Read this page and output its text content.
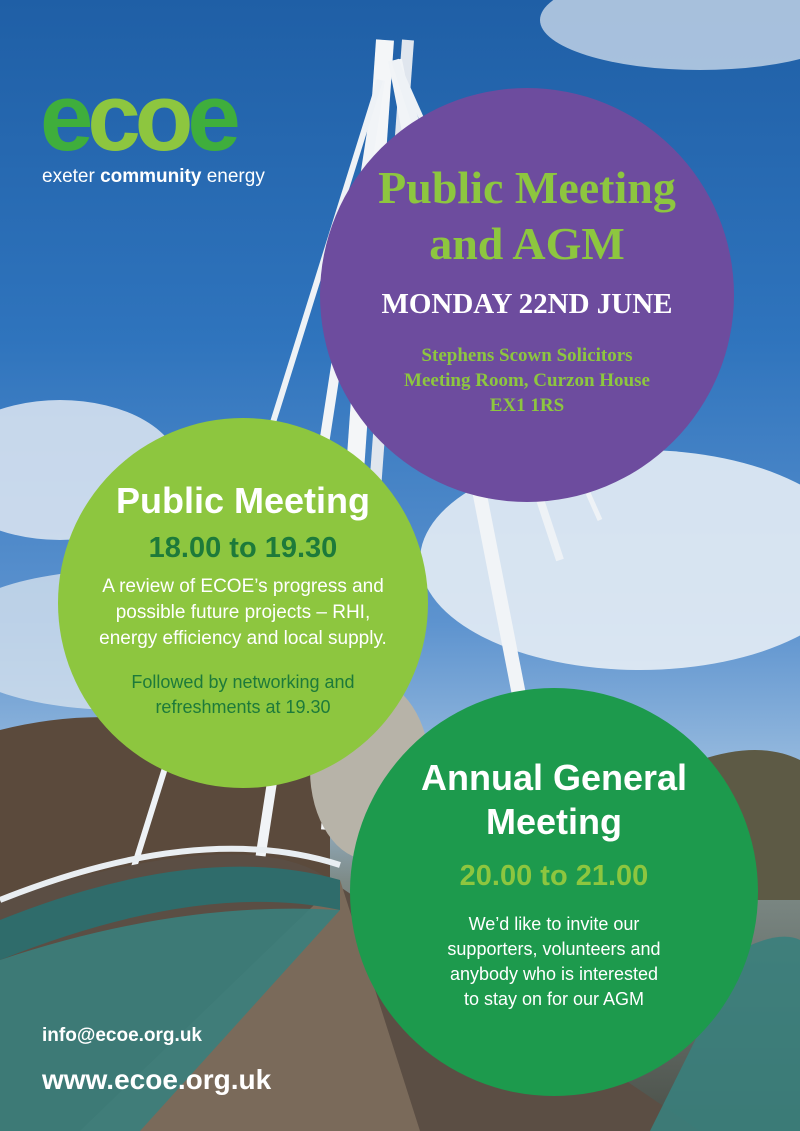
ecoe
exeter community energy	Public Meeting
and AGM
MONDAY 22ND JUNE
Stephens Scown Solicitors
Meeting Room, Curzon House
EX1 1RS
Public Meeting
18.00 to 19.30
A review of ECOE’s progress and
possible future projects – RHI,
energy efficiency and local supply.
Followed by networking and
refreshments at 19.30
Annual General
Meeting
20.00 to 21.00
We’d like to invite our
supporters, volunteers and
anybody who is interested
to stay on for our AGM
info@ecoe.org.uk
www.ecoe.org.uk
